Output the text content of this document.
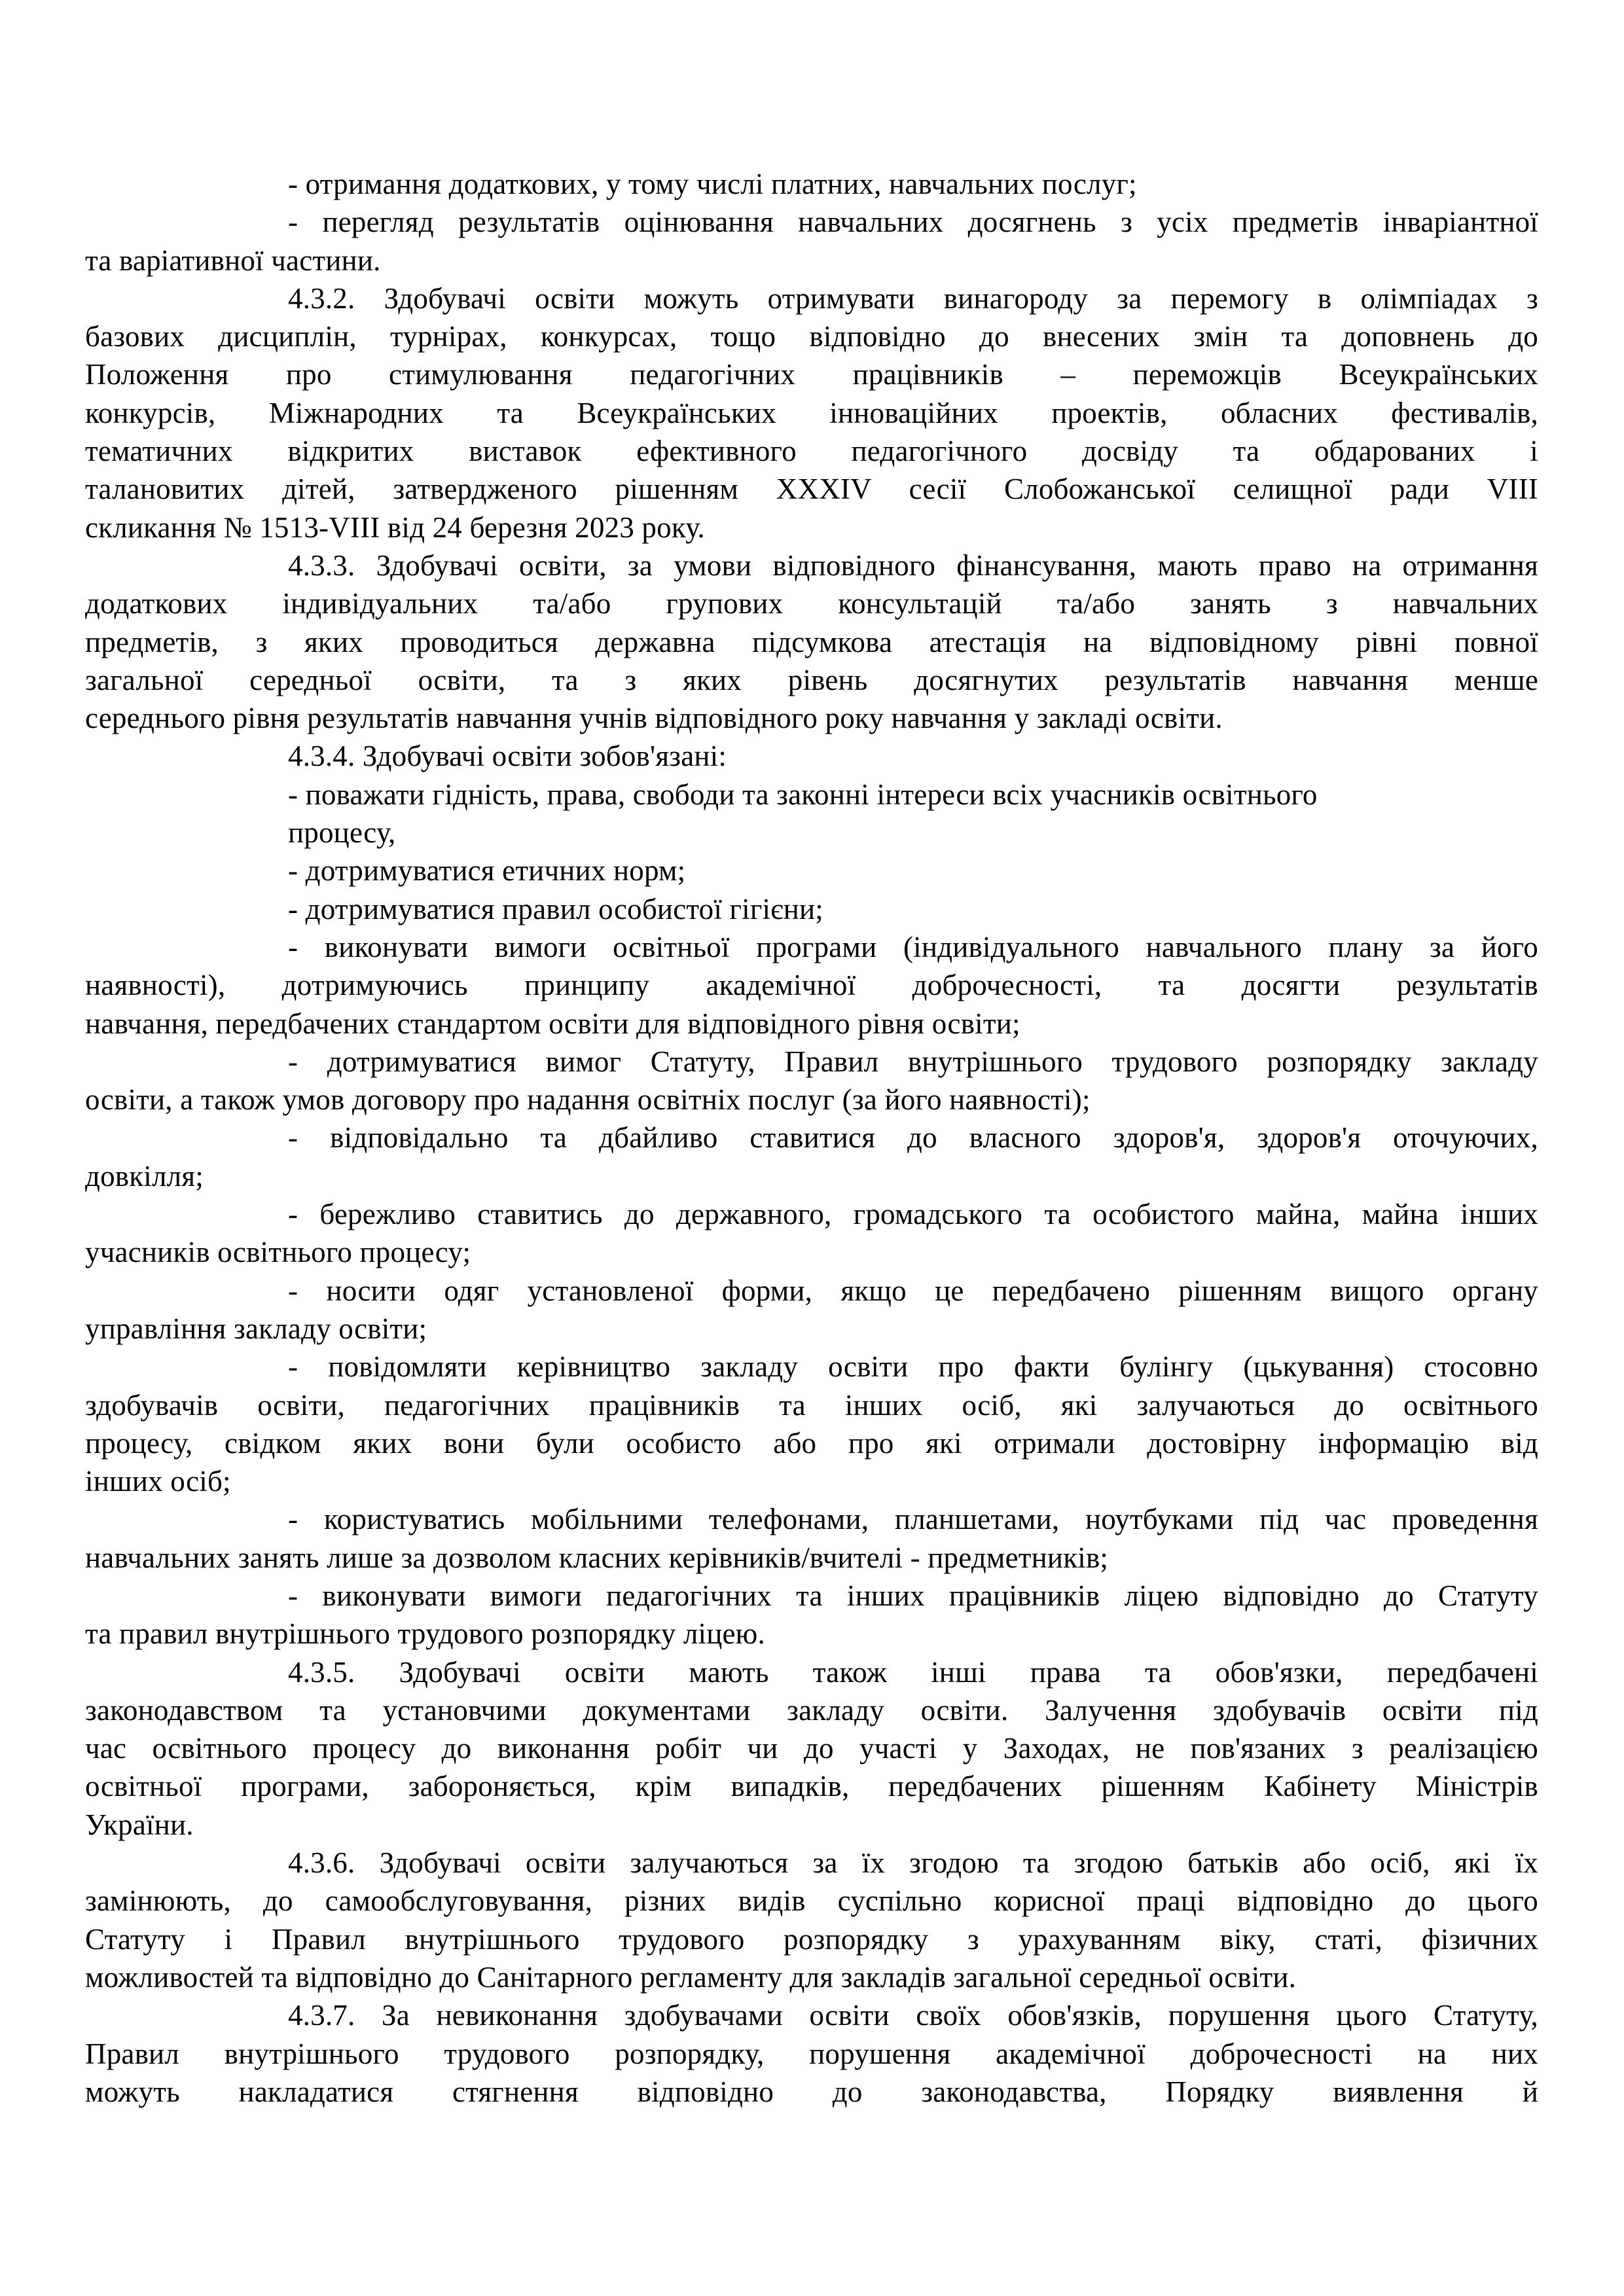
- отримання додаткових, у тому числі платних, навчальних послуг;
- перегляд результатів оцінювання навчальних досягнень з усіх предметів інваріантної
та варіативної частини.
4.3.2. Здобувачі освіти можуть отримувати винагороду за перемогу в олімпіадах з
базових дисциплін, турнірах, конкурсах, тощо відповідно до внесених змін та доповнень до
Положення про стимулювання педагогічних працівників – переможців Всеукраїнських
конкурсів, Міжнародних та Всеукраїнських інноваційних проектів, обласних фестивалів,
тематичних відкритих виставок ефективного педагогічного досвіду та обдарованих і
талановитих дітей, затвердженого рішенням XXXIV сесії Слобожанської селищної ради VIII
скликання № 1513-VIII від 24 березня 2023 року.
4.3.3. Здобувачі освіти, за умови відповідного фінансування, мають право на отримання
додаткових індивідуальних та/або групових консультацій та/або занять з навчальних
предметів, з яких проводиться державна підсумкова атестація на відповідному рівні повної
загальної середньої освіти, та з яких рівень досягнутих результатів навчання менше
середнього рівня результатів навчання учнів відповідного року навчання у закладі освіти.
4.3.4. Здобувачі освіти зобов'язані:
- поважати гідність, права, свободи та законні інтереси всіх учасників освітнього
процесу,
- дотримуватися етичних норм;
- дотримуватися правил особистої гігієни;
- виконувати вимоги освітньої програми (індивідуального навчального плану за його
наявності), дотримуючись принципу академічної доброчесності, та досягти результатів
навчання, передбачених стандартом освіти для відповідного рівня освіти;
- дотримуватися вимог Статуту, Правил внутрішнього трудового розпорядку закладу
освіти, а також умов договору про надання освітніх послуг (за його наявності);
- відповідально та дбайливо ставитися до власного здоров'я, здоров'я оточуючих,
довкілля;
- бережливо ставитись до державного, громадського та особистого майна, майна інших
учасників освітнього процесу;
- носити одяг установленої форми, якщо це передбачено рішенням вищого органу
управління закладу освіти;
- повідомляти керівництво закладу освіти про факти булінгу (цькування) стосовно
здобувачів освіти, педагогічних працівників та інших осіб, які залучаються до освітнього
процесу, свідком яких вони були особисто або про які отримали достовірну інформацію від
інших осіб;
- користуватись мобільними телефонами, планшетами, ноутбуками під час проведення
навчальних занять лише за дозволом класних керівників/вчителі - предметників;
- виконувати вимоги педагогічних та інших працівників ліцею відповідно до Статуту
та правил внутрішнього трудового розпорядку ліцею.
4.3.5. Здобувачі освіти мають також інші права та обов'язки, передбачені
законодавством та установчими документами закладу освіти. Залучення здобувачів освіти під
час освітнього процесу до виконання робіт чи до участі у Заходах, не пов'язаних з реалізацією
освітньої програми, забороняється, крім випадків, передбачених рішенням Кабінету Міністрів
України.
4.3.6. Здобувачі освіти залучаються за їх згодою та згодою батьків або осіб, які їх
замінюють, до самообслуговування, різних видів суспільно корисної праці відповідно до цього
Статуту і Правил внутрішнього трудового розпорядку з урахуванням віку, статі, фізичних
можливостей та відповідно до Санітарного регламенту для закладів загальної середньої освіти.
4.3.7. За невиконання здобувачами освіти своїх обов'язків, порушення цього Статуту,
Правил внутрішнього трудового розпорядку, порушення академічної доброчесності на них
можуть накладатися стягнення відповідно до законодавства, Порядку виявлення й
